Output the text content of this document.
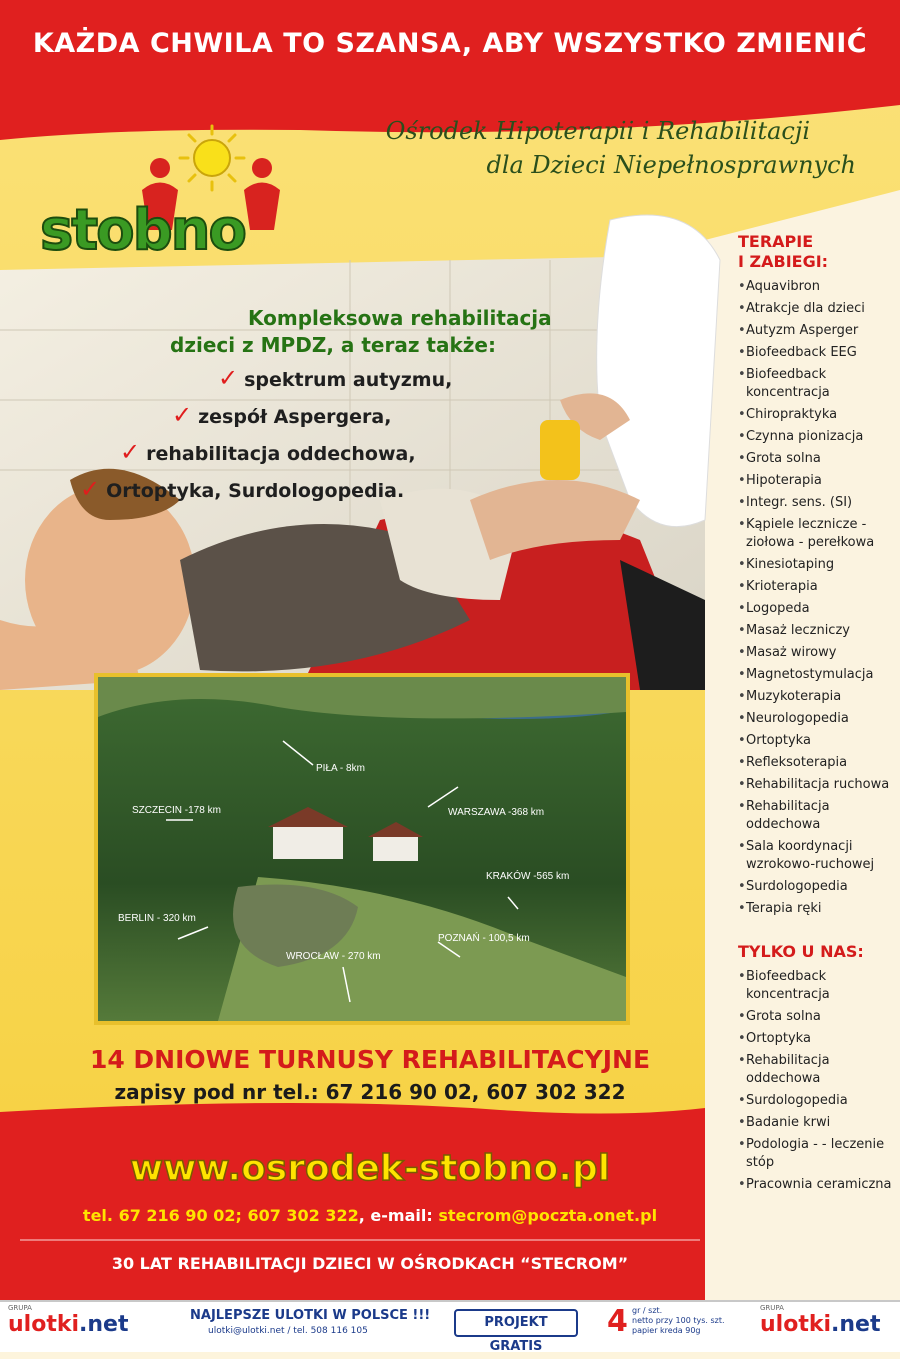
KAŻDA CHWILA TO SZANSA, ABY WSZYSTKO ZMIENIĆ
Ośrodek Hipoterapii i Rehabilitacji
dla Dzieci Niepełnosprawnych
stobno
Kompleksowa rehabilitacja
dzieci z MPDZ, a teraz także:
✓ spektrum autyzmu,
✓ zespół Aspergera,
✓ rehabilitacja oddechowa,
✓ Ortoptyka, Surdologopedia.
TERAPIE
I ZABIEGI:
• Aquavibron
• Atrakcje dla dzieci
• Autyzm Asperger
• Biofeedback EEG
• Biofeedback koncentracja
• Chiropraktyka
• Czynna pionizacja
• Grota solna
• Hipoterapia
• Integr. sens. (SI)
• Kąpiele lecznicze - ziołowa - perełkowa
• Kinesiotaping
• Krioterapia
• Logopeda
• Masaż leczniczy
• Masaż wirowy
• Magnetostymulacja
• Muzykoterapia
• Neurologopedia
• Ortoptyka
• Refleksoterapia
• Rehabilitacja ruchowa
• Rehabilitacja oddechowa
• Sala koordynacji wzrokowo-ruchowej
• Surdologopedia
• Terapia ręki
TYLKO U NAS:
• Biofeedback koncentracja
• Grota solna
• Ortoptyka
• Rehabilitacja oddechowa
• Surdologopedia
• Badanie krwi
• Podologia - - leczenie stóp
• Pracownia ceramiczna
PIŁA - 8km
SZCZECIN -178 km	WARSZAWA -368 km
KRAKÓW -565 km
BERLIN - 320 km
POZNAŃ - 100,5 km
WROCŁAW - 270 km
14 DNIOWE TURNUSY REHABILITACYJNE
zapisy pod nr tel.: 67 216 90 02, 607 302 322
www.osrodek-stobno.pl
tel. 67 216 90 02; 607 302 322, e-mail: stecrom@poczta.onet.pl
30 LAT REHABILITACJI DZIECI W OŚRODKACH “STECROM”
GRUPA
ulotki.net	NAJLEPSZE ULOTKI W POLSCE !!!
ulotki@ulotki.net / tel. 508 116 105
PROJEKT GRATIS
4 gr / szt.
netto przy 100 tys. szt.
papier kreda 90g
GRUPA
ulotki.net
